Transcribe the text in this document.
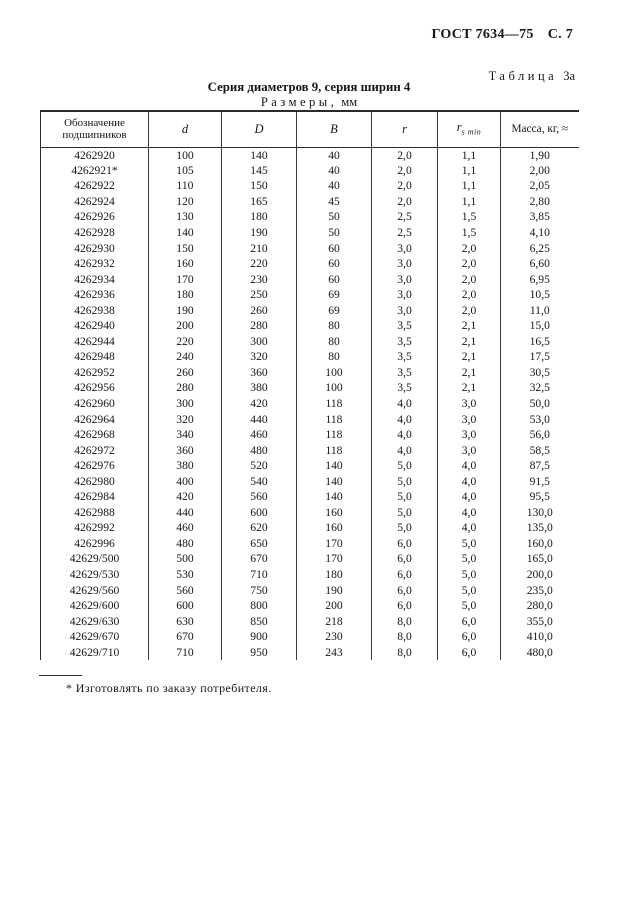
ГОСТ 7634—75 С. 7
Таблица 3а
Серия диаметров 9, серия ширин 4
Размеры, мм
Обозначение подшипников	d	D	B	r	$r_{s min}$	Масса, кг, ≈
4262920	100	140	40	2,0	1,1	1,90
4262921*	105	145	40	2,0	1,1	2,00
4262922	110	150	40	2,0	1,1	2,05
4262924	120	165	45	2,0	1,1	2,80
4262926	130	180	50	2,5	1,5	3,85
4262928	140	190	50	2,5	1,5	4,10
4262930	150	210	60	3,0	2,0	6,25
4262932	160	220	60	3,0	2,0	6,60
4262934	170	230	60	3,0	2,0	6,95
4262936	180	250	69	3,0	2,0	10,5
4262938	190	260	69	3,0	2,0	11,0
4262940	200	280	80	3,5	2,1	15,0
4262944	220	300	80	3,5	2,1	16,5
4262948	240	320	80	3,5	2,1	17,5
4262952	260	360	100	3,5	2,1	30,5
4262956	280	380	100	3,5	2,1	32,5
4262960	300	420	118	4,0	3,0	50,0
4262964	320	440	118	4,0	3,0	53,0
4262968	340	460	118	4,0	3,0	56,0
4262972	360	480	118	4,0	3,0	58,5
4262976	380	520	140	5,0	4,0	87,5
4262980	400	540	140	5,0	4,0	91,5
4262984	420	560	140	5,0	4,0	95,5
4262988	440	600	160	5,0	4,0	130,0
4262992	460	620	160	5,0	4,0	135,0
4262996	480	650	170	6,0	5,0	160,0
42629/500	500	670	170	6,0	5,0	165,0
42629/530	530	710	180	6,0	5,0	200,0
42629/560	560	750	190	6,0	5,0	235,0
42629/600	600	800	200	6,0	5,0	280,0
42629/630	630	850	218	8,0	6,0	355,0
42629/670	670	900	230	8,0	6,0	410,0
42629/710	710	950	243	8,0	6,0	480,0
* Изготовлять по заказу потребителя.
